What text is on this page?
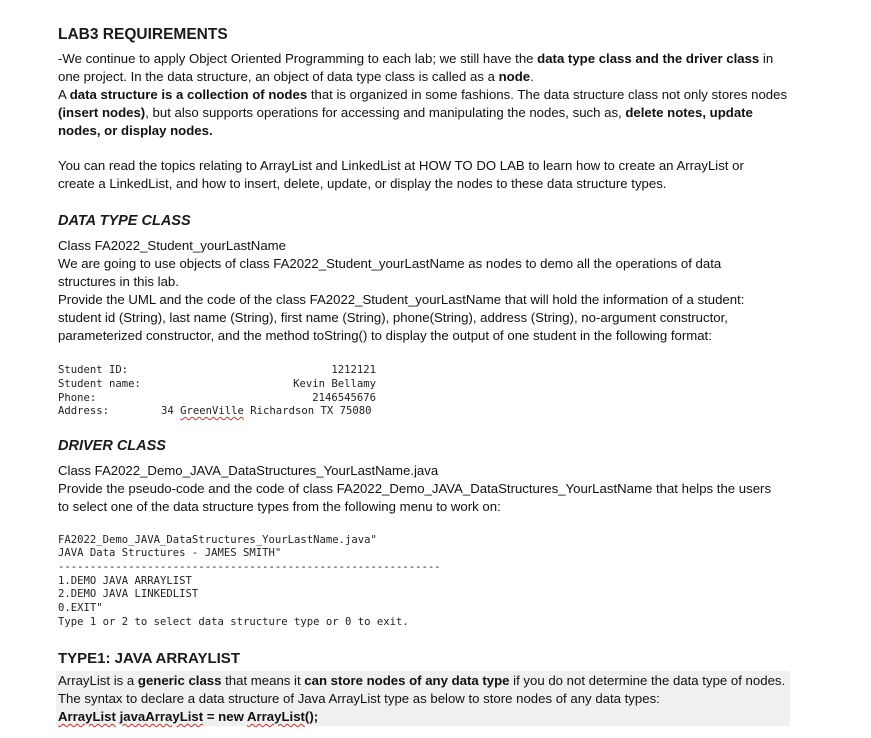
LAB3 REQUIREMENTS
-We continue to apply Object Oriented Programming to each lab; we still have the data type class and the driver class in
one project. In the data structure, an object of data type class is called as a node.
A data structure is a collection of nodes that is organized in some fashions. The data structure class not only stores nodes
(insert nodes), but also supports operations for accessing and manipulating the nodes, such as, delete notes, update
nodes, or display nodes.
You can read the topics relating to ArrayList and LinkedList at HOW TO DO LAB to learn how to create an ArrayList or
create a LinkedList, and how to insert, delete, update, or display the nodes to these data structure types.
DATA TYPE CLASS
Class FA2022_Student_yourLastName
We are going to use objects of class FA2022_Student_yourLastName as nodes to demo all the operations of data
structures in this lab.
Provide the UML and the code of the class FA2022_Student_yourLastName that will hold the information of a student:
student id (String), last name (String), first name (String), phone(String), address (String), no-argument constructor,
parameterized constructor, and the method toString() to display the output of one student in the following format:
Student ID:	1212121
Student name:	Kevin Bellamy
Phone:	2146545676
Address:	34 GreenVille Richardson TX 75080
DRIVER CLASS
Class FA2022_Demo_JAVA_DataStructures_YourLastName.java
Provide the pseudo-code and the code of class FA2022_Demo_JAVA_DataStructures_YourLastName that helps the users
to select one of the data structure types from the following menu to work on:
FA2022_Demo_JAVA_DataStructures_YourLastName.java"
JAVA Data Structures - JAMES SMITH"
------------------------------------------------------------
1.DEMO JAVA ARRAYLIST
2.DEMO JAVA LINKEDLIST
0.EXIT"
Type 1 or 2 to select data structure type or 0 to exit.
TYPE1: JAVA ARRAYLIST
ArrayList is a generic class that means it can store nodes of any data type if you do not determine the data type of nodes.
The syntax to declare a data structure of Java ArrayList type as below to store nodes of any data types:
ArrayList javaArrayList = new ArrayList();
